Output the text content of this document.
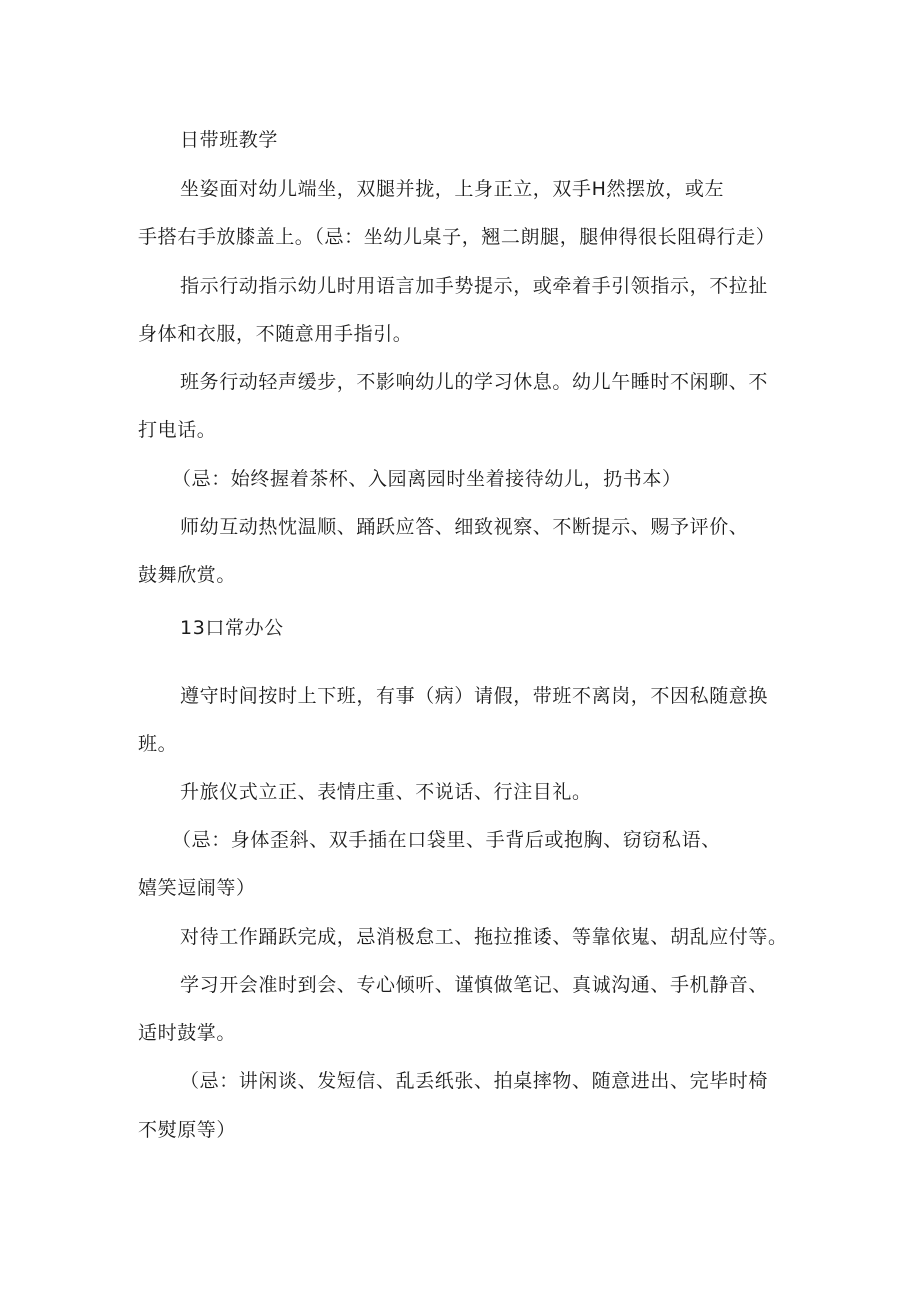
日带班教学
坐姿面对幼儿端坐，双腿并拢，上身正立，双手H然摆放，或左
手搭右手放膝盖上。（忌：坐幼儿桌子，翘二朗腿，腿伸得很长阻碍行走）
指示行动指示幼儿时用语言加手势提示，或牵着手引领指示，不拉扯
身体和衣服，不随意用手指引。
班务行动轻声缓步，不影响幼儿的学习休息。幼儿午睡时不闲聊、不
打电话。
（忌：始终握着茶杯、入园离园时坐着接待幼儿，扔书本）
师幼互动热忱温顺、踊跃应答、细致视察、不断提示、赐予评价、
鼓舞欣赏。
13口常办公
遵守时间按时上下班，有事（病）请假，带班不离岗，不因私随意换
班。
升旅仪式立正、表情庄重、不说话、行注目礼。
（忌：身体歪斜、双手插在口袋里、手背后或抱胸、窃窃私语、
嬉笑逗闹等）
对待工作踊跃完成，忌消极怠工、拖拉推诿、等靠依嵬、胡乱应付等。
学习开会准时到会、专心倾听、谨慎做笔记、真诚沟通、手机静音、
适时鼓掌。
（忌：讲闲谈、发短信、乱丢纸张、拍桌摔物、随意进出、完毕时椅
不熨原等）
